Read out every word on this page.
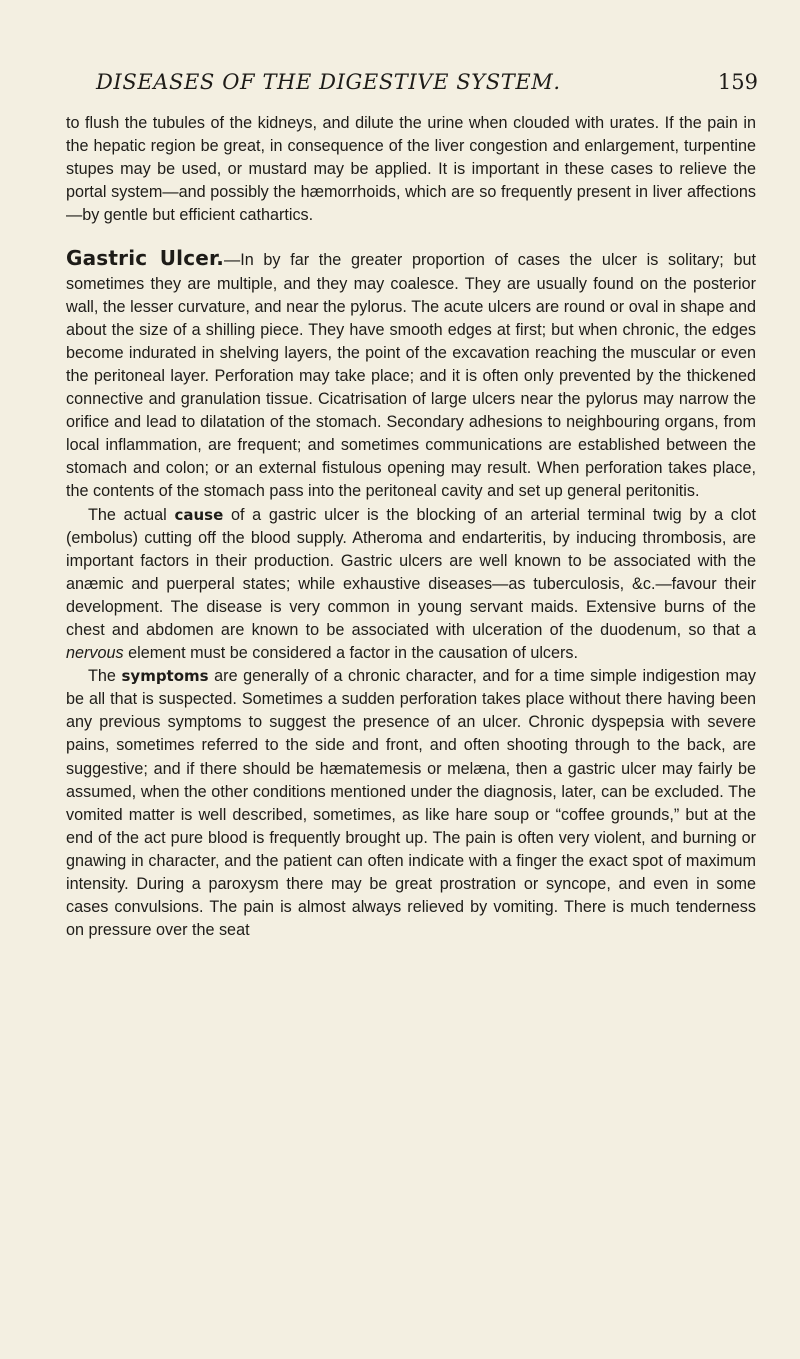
DISEASES OF THE DIGESTIVE SYSTEM.	159

to flush the tubules of the kidneys, and dilute the urine when clouded with urates. If the pain in the hepatic region be great, in consequence of the liver congestion and enlargement, turpentine stupes may be used, or mustard may be applied. It is important in these cases to relieve the portal system—and possibly the hæmorrhoids, which are so frequently present in liver affections—by gentle but efficient cathartics.

Gastric Ulcer.—In by far the greater proportion of cases the ulcer is solitary; but sometimes they are multiple, and they may coalesce. They are usually found on the posterior wall, the lesser curvature, and near the pylorus. The acute ulcers are round or oval in shape and about the size of a shilling piece. They have smooth edges at first; but when chronic, the edges become indurated in shelving layers, the point of the excavation reaching the muscular or even the peritoneal layer. Perforation may take place; and it is often only prevented by the thickened connective and granulation tissue. Cicatrisation of large ulcers near the pylorus may narrow the orifice and lead to dilatation of the stomach. Secondary adhesions to neighbouring organs, from local inflammation, are frequent; and sometimes communications are established between the stomach and colon; or an external fistulous opening may result. When perforation takes place, the contents of the stomach pass into the peritoneal cavity and set up general peritonitis.

The actual cause of a gastric ulcer is the blocking of an arterial terminal twig by a clot (embolus) cutting off the blood supply. Atheroma and endarteritis, by inducing thrombosis, are important factors in their production. Gastric ulcers are well known to be associated with the anæmic and puerperal states; while exhaustive diseases—as tuberculosis, &c.—favour their development. The disease is very common in young servant maids. Extensive burns of the chest and abdomen are known to be associated with ulceration of the duodenum, so that a nervous element must be considered a factor in the causation of ulcers.

The symptoms are generally of a chronic character, and for a time simple indigestion may be all that is suspected. Sometimes a sudden perforation takes place without there having been any previous symptoms to suggest the presence of an ulcer. Chronic dyspepsia with severe pains, sometimes referred to the side and front, and often shooting through to the back, are suggestive; and if there should be hæmatemesis or melæna, then a gastric ulcer may fairly be assumed, when the other conditions mentioned under the diagnosis, later, can be excluded. The vomited matter is well described, sometimes, as like hare soup or “coffee grounds,” but at the end of the act pure blood is frequently brought up. The pain is often very violent, and burning or gnawing in character, and the patient can often indicate with a finger the exact spot of maximum intensity. During a paroxysm there may be great prostration or syncope, and even in some cases convulsions. The pain is almost always relieved by vomiting. There is much tenderness on pressure over the seat
